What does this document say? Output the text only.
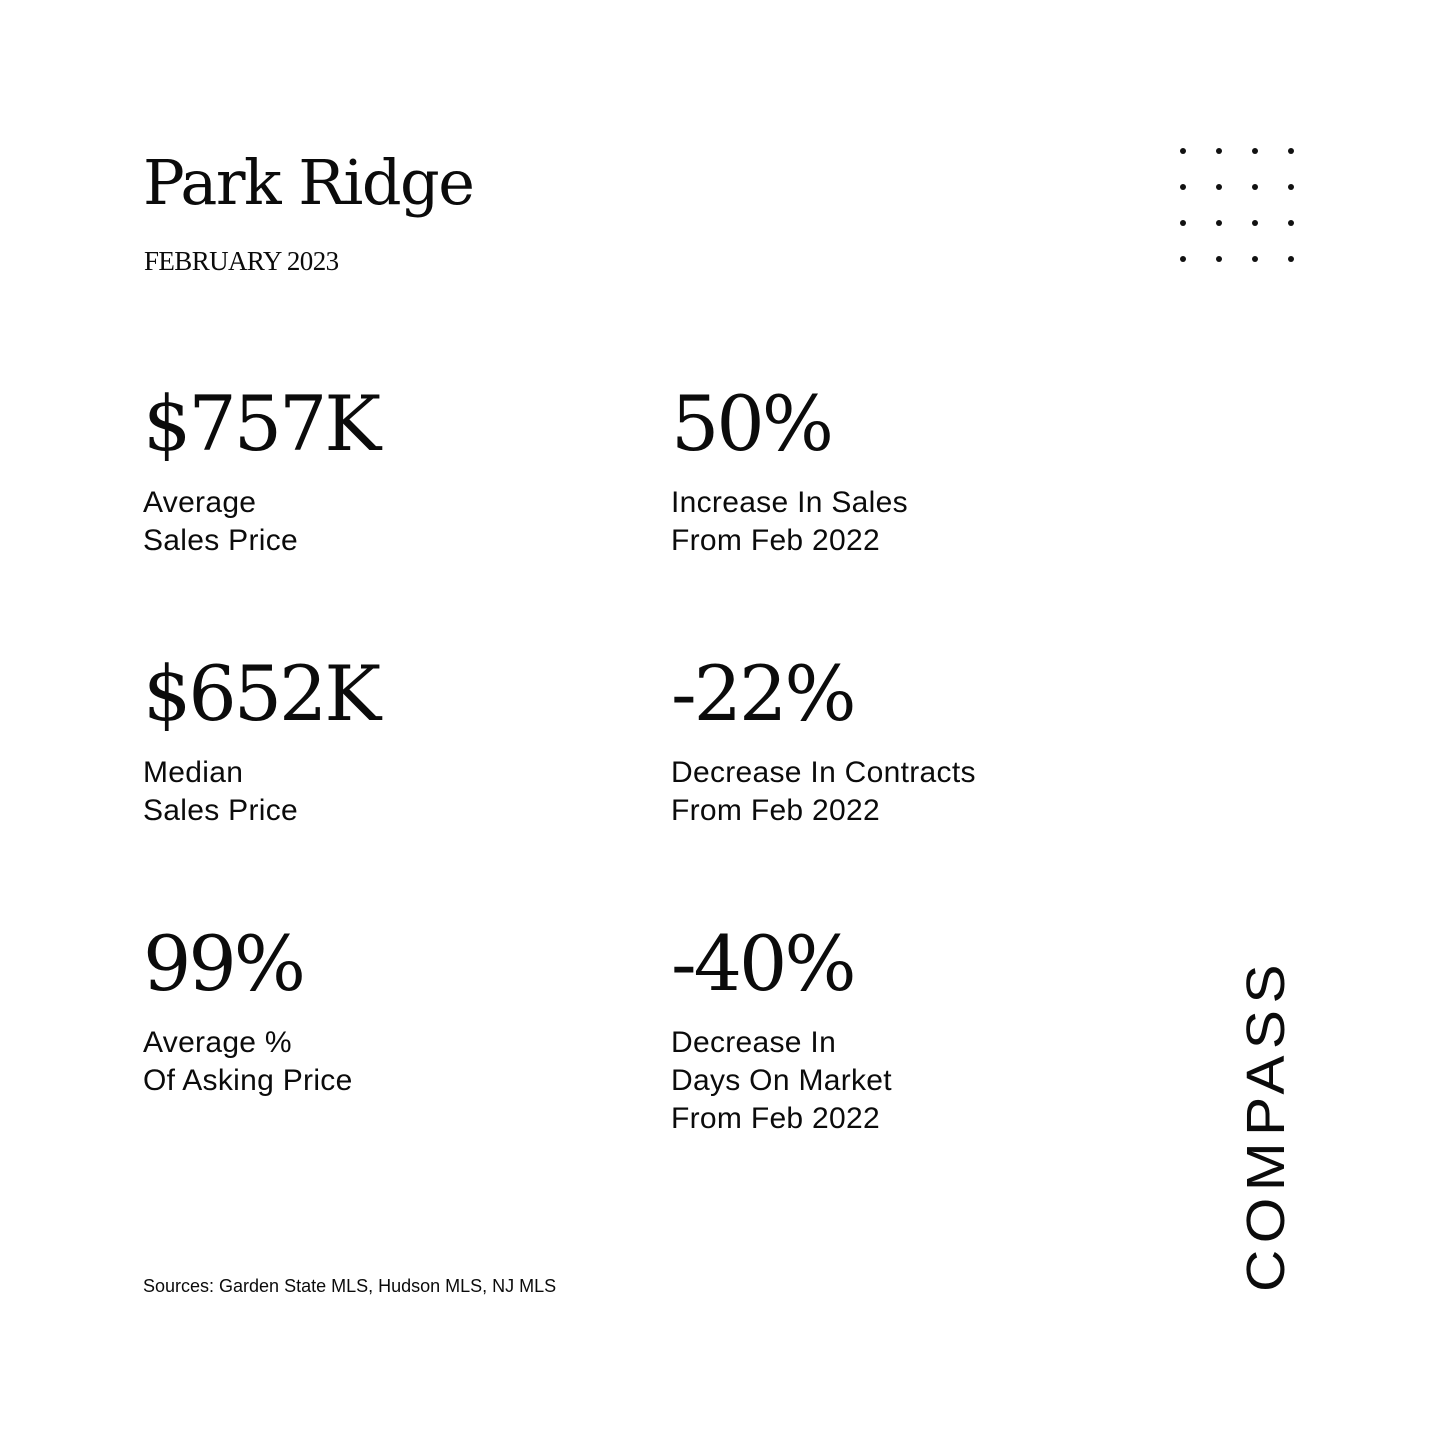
Park Ridge
FEBRUARY 2023
$757K
Average
Sales Price
50%
Increase In Sales
From Feb 2022
$652K
Median
Sales Price
-22%
Decrease In Contracts
From Feb 2022
99%
Average %
Of Asking Price
-40%
Decrease In
Days On Market
From Feb 2022
Sources: Garden State MLS, Hudson MLS, NJ MLS	COMPASS
